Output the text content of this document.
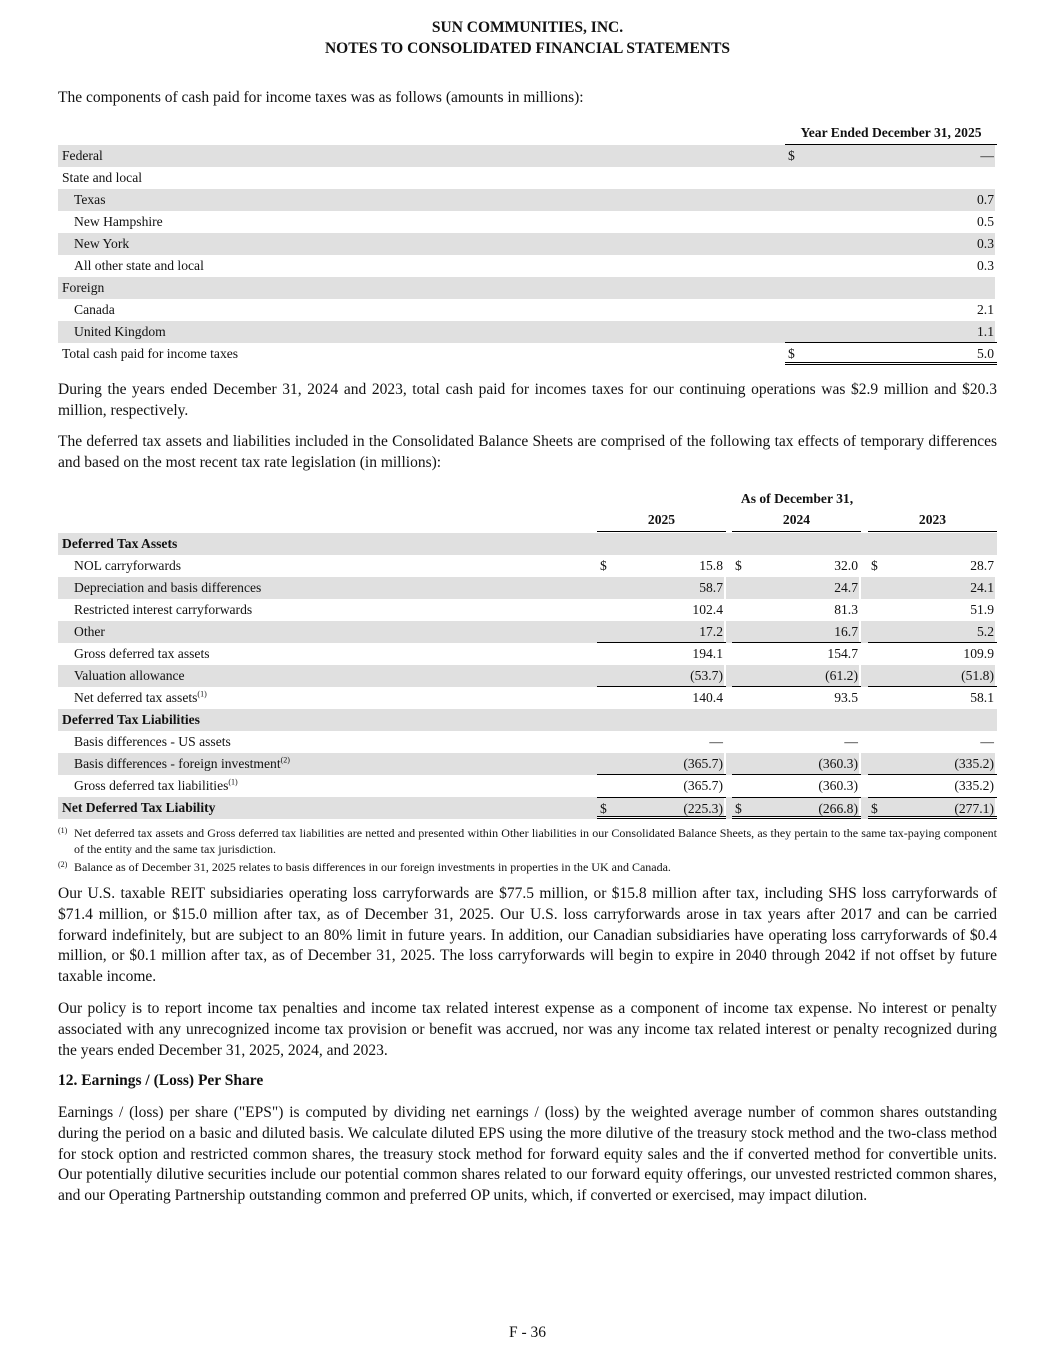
SUN COMMUNITIES, INC.
NOTES TO CONSOLIDATED FINANCIAL STATEMENTS
The components of cash paid for income taxes was as follows (amounts in millions):
Year Ended December 31, 2025
Federal	$	—
State and local
Texas	0.7
New Hampshire	0.5
New York	0.3
All other state and local	0.3
Foreign
Canada	2.1
United Kingdom	1.1
Total cash paid for income taxes	$	5.0
During the years ended December 31, 2024 and 2023, total cash paid for incomes taxes for our continuing operations was $2.9 million and $20.3 million, respectively.
The deferred tax assets and liabilities included in the Consolidated Balance Sheets are comprised of the following tax effects of temporary differences and based on the most recent tax rate legislation (in millions):
As of December 31,
2025	2024	2023
Deferred Tax Assets
NOL carryforwards	$	15.8 $	32.0 $	28.7
Depreciation and basis differences	58.7	24.7	24.1
Restricted interest carryforwards	102.4	81.3	51.9
Other	17.2	16.7	5.2
Gross deferred tax assets	194.1	154.7	109.9
Valuation allowance	(53.7)	(61.2)	(51.8)
Net deferred tax assets$^{(1)}$	140.4	93.5	58.1
Deferred Tax Liabilities
Basis differences - US assets	—	—	—
Basis differences - foreign investment$^{(2)}$	(365.7)	(360.3)	(335.2)
Gross deferred tax liabilities$^{(1)}$	(365.7)	(360.3)	(335.2)
Net Deferred Tax Liability	$	(225.3) $	(266.8) $	(277.1)
(1) Net deferred tax assets and Gross deferred tax liabilities are netted and presented within Other liabilities in our Consolidated Balance Sheets, as they pertain to the same tax-paying component of the entity and the same tax jurisdiction.
(2) Balance as of December 31, 2025 relates to basis differences in our foreign investments in properties in the UK and Canada.
Our U.S. taxable REIT subsidiaries operating loss carryforwards are $77.5 million, or $15.8 million after tax, including SHS loss carryforwards of $71.4 million, or $15.0 million after tax, as of December 31, 2025. Our U.S. loss carryforwards arose in tax years after 2017 and can be carried forward indefinitely, but are subject to an 80% limit in future years. In addition, our Canadian subsidiaries have operating loss carryforwards of $0.4 million, or $0.1 million after tax, as of December 31, 2025. The loss carryforwards will begin to expire in 2040 through 2042 if not offset by future taxable income.
Our policy is to report income tax penalties and income tax related interest expense as a component of income tax expense. No interest or penalty associated with any unrecognized income tax provision or benefit was accrued, nor was any income tax related interest or penalty recognized during the years ended December 31, 2025, 2024, and 2023.
12. Earnings / (Loss) Per Share
Earnings / (loss) per share ("EPS") is computed by dividing net earnings / (loss) by the weighted average number of common shares outstanding during the period on a basic and diluted basis. We calculate diluted EPS using the more dilutive of the treasury stock method and the two-class method for stock option and restricted common shares, the treasury stock method for forward equity sales and the if converted method for convertible units. Our potentially dilutive securities include our potential common shares related to our forward equity offerings, our unvested restricted common shares, and our Operating Partnership outstanding common and preferred OP units, which, if converted or exercised, may impact dilution.
F - 36
